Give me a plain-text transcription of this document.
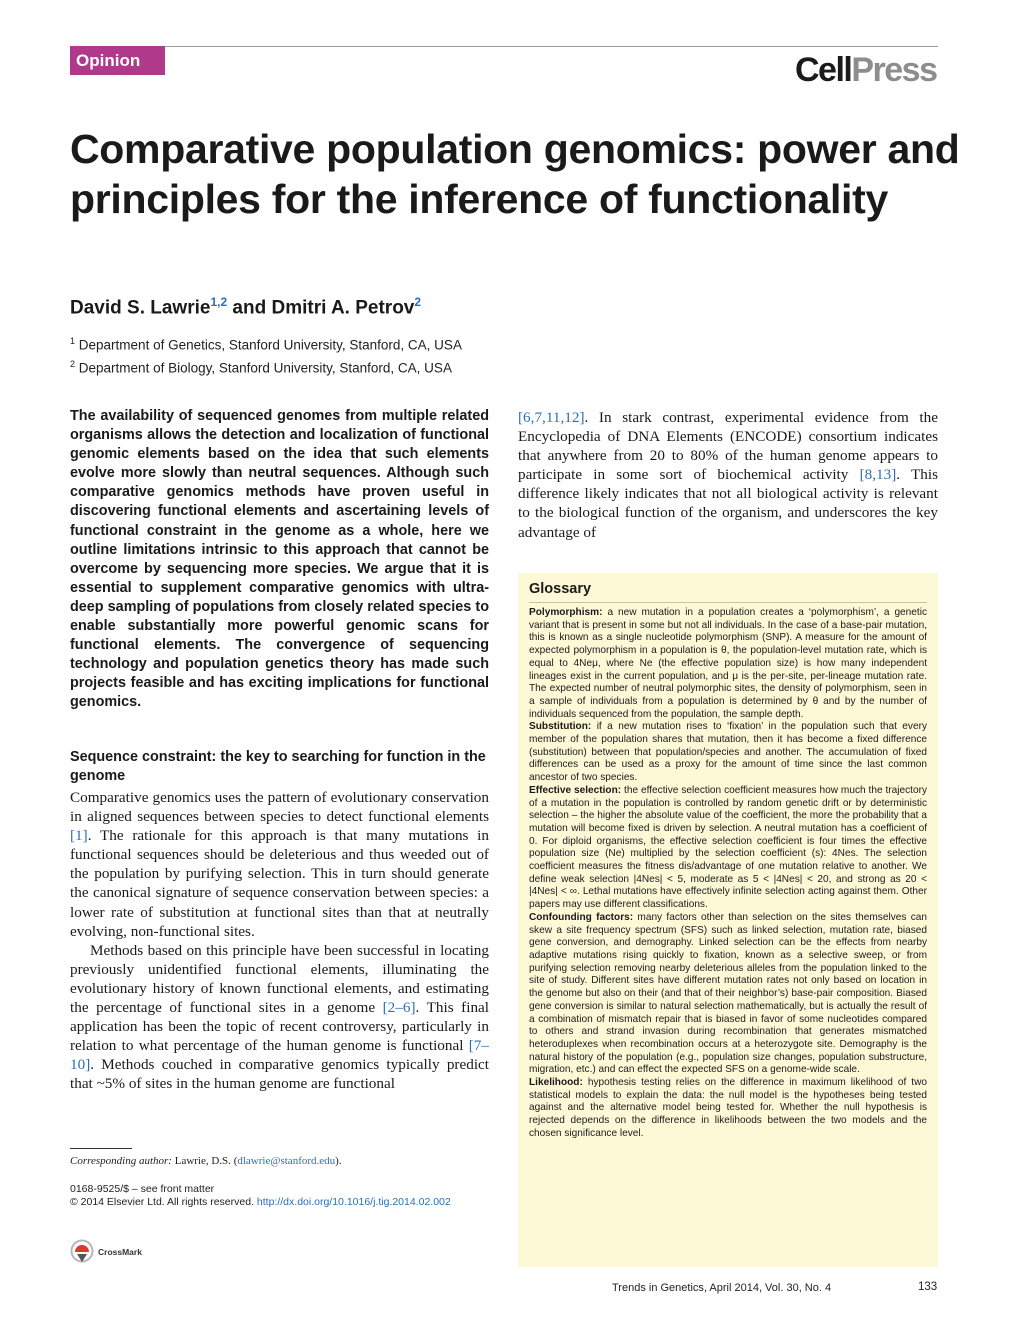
Opinion	CellPress
Comparative population genomics: power and principles for the inference of functionality
David S. Lawrie$^{1,2}$ and Dmitri A. Petrov$^2$
$^1$ Department of Genetics, Stanford University, Stanford, CA, USA
$^2$ Department of Biology, Stanford University, Stanford, CA, USA

The availability of sequenced genomes from multiple related organisms allows the detection and localization of functional genomic elements based on the idea that such elements evolve more slowly than neutral sequences. Although such comparative genomics methods have proven useful in discovering functional elements and ascertaining levels of functional constraint in the genome as a whole, here we outline limitations intrinsic to this approach that cannot be overcome by sequencing more species. We argue that it is essential to supplement comparative genomics with ultra-deep sampling of populations from closely related species to enable substantially more powerful genomic scans for functional elements. The convergence of sequencing technology and population genetics theory has made such projects feasible and has exciting implications for functional genomics.

Sequence constraint: the key to searching for function in the genome

Comparative genomics uses the pattern of evolutionary conservation in aligned sequences between species to detect functional elements [1]. The rationale for this approach is that many mutations in functional sequences should be deleterious and thus weeded out of the population by purifying selection. This in turn should generate the canonical signature of sequence conservation between species: a lower rate of substitution at functional sites than that at neutrally evolving, non-functional sites.

Methods based on this principle have been successful in locating previously unidentified functional elements, illuminating the evolutionary history of known functional elements, and estimating the percentage of functional sites in a genome [2–6]. This final application has been the topic of recent controversy, particularly in relation to what percentage of the human genome is functional [7–10]. Methods couched in comparative genomics typically predict that ~5% of sites in the human genome are functional

Corresponding author: Lawrie, D.S. (dlawrie@stanford.edu).
0168-9525/$ – see front matter
© 2014 Elsevier Ltd. All rights reserved. http://dx.doi.org/10.1016/j.tig.2014.02.002
CrossMark

[6,7,11,12]. In stark contrast, experimental evidence from the Encyclopedia of DNA Elements (ENCODE) consortium indicates that anywhere from 20 to 80% of the human genome appears to participate in some sort of biochemical activity [8,13]. This difference likely indicates that not all biological activity is relevant to the biological function of the organism, and underscores the key advantage of

Glossary

Polymorphism: a new mutation in a population creates a ‘polymorphism’, a genetic variant that is present in some but not all individuals. In the case of a base-pair mutation, this is known as a single nucleotide polymorphism (SNP). A measure for the amount of expected polymorphism in a population is θ, the population-level mutation rate, which is equal to 4Neμ, where Ne (the effective population size) is how many independent lineages exist in the current population, and μ is the per-site, per-lineage mutation rate. The expected number of neutral polymorphic sites, the density of polymorphism, seen in a sample of individuals from a population is determined by θ and by the number of individuals sequenced from the population, the sample depth.

Substitution: if a new mutation rises to ‘fixation’ in the population such that every member of the population shares that mutation, then it has become a fixed difference (substitution) between that population/species and another. The accumulation of fixed differences can be used as a proxy for the amount of time since the last common ancestor of two species.

Effective selection: the effective selection coefficient measures how much the trajectory of a mutation in the population is controlled by random genetic drift or by deterministic selection – the higher the absolute value of the coefficient, the more the probability that a mutation will become fixed is driven by selection. A neutral mutation has a coefficient of 0. For diploid organisms, the effective selection coefficient is four times the effective population size (Ne) multiplied by the selection coefficient (s): 4Nes. The selection coefficient measures the fitness dis/advantage of one mutation relative to another. We define weak selection |4Nes| < 5, moderate as 5 < |4Nes| < 20, and strong as 20 < |4Nes| < ∞. Lethal mutations have effectively infinite selection acting against them. Other papers may use different classifications.

Confounding factors: many factors other than selection on the sites themselves can skew a site frequency spectrum (SFS) such as linked selection, mutation rate, biased gene conversion, and demography. Linked selection can be the effects from nearby adaptive mutations rising quickly to fixation, known as a selective sweep, or from purifying selection removing nearby deleterious alleles from the population linked to the site of study. Different sites have different mutation rates not only based on location in the genome but also on their (and that of their neighbor’s) base-pair composition. Biased gene conversion is similar to natural selection mathematically, but is actually the result of a combination of mismatch repair that is biased in favor of some nucleotides compared to others and strand invasion during recombination that generates mismatched heteroduplexes when recombination occurs at a heterozygote site. Demography is the natural history of the population (e.g., population size changes, population substructure, migration, etc.) and can effect the expected SFS on a genome-wide scale.

Likelihood: hypothesis testing relies on the difference in maximum likelihood of two statistical models to explain the data: the null model is the hypotheses being tested against and the alternative model being tested for. Whether the null hypothesis is rejected depends on the difference in likelihoods between the two models and the chosen significance level.

Trends in Genetics, April 2014, Vol. 30, No. 4	133
